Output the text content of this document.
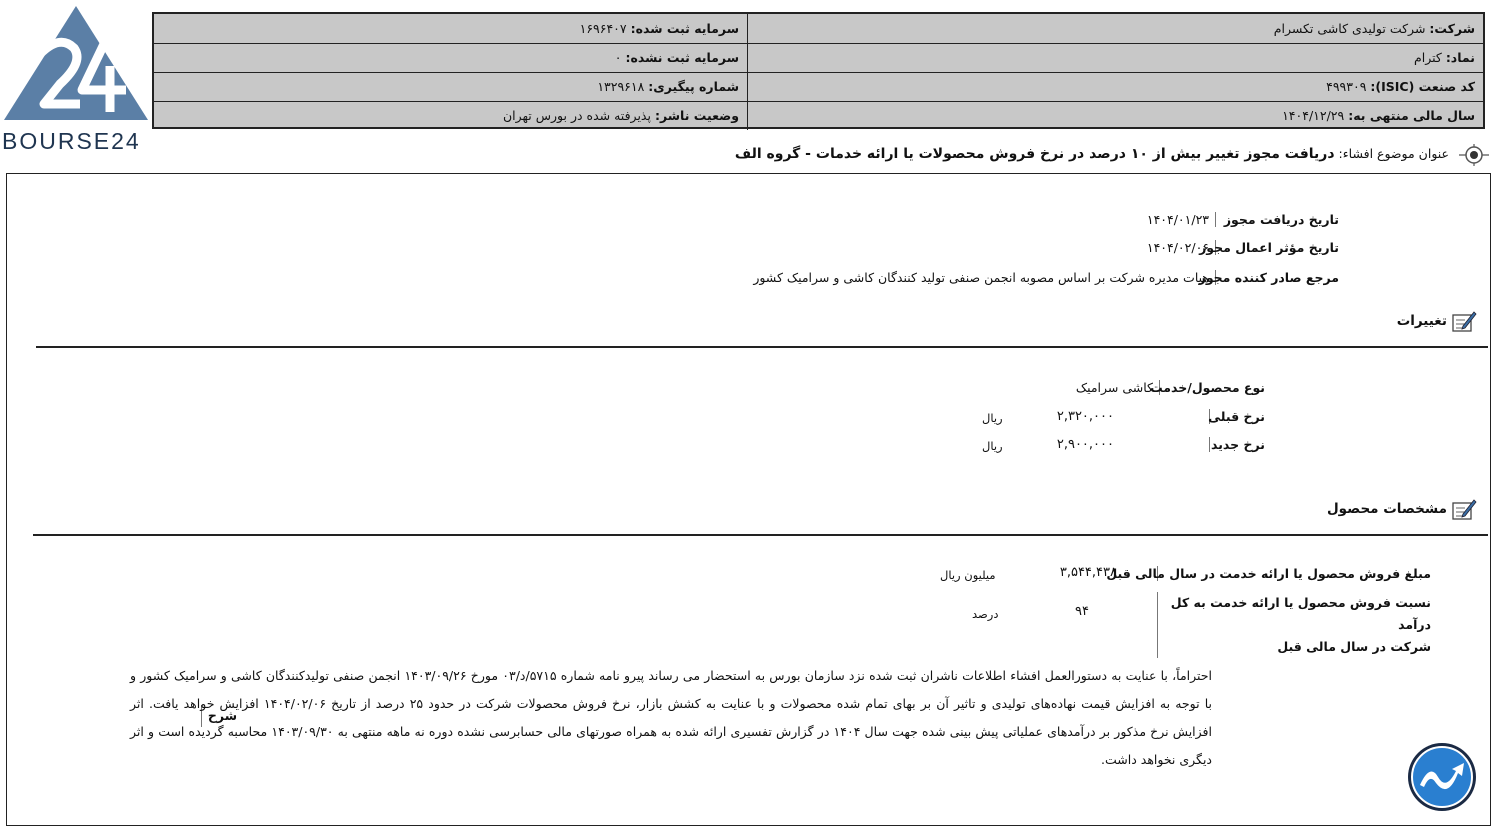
BOURSE24
شرکت: شرکت تولیدی کاشی تکسرام
سرمایه ثبت شده: ۱۶۹۶۴۰۷
نماد: کترام
سرمایه ثبت نشده: ۰
کد صنعت (ISIC): ۴۹۹۳۰۹
شماره پیگیری: ۱۳۲۹۶۱۸
سال مالی منتهی به: ۱۴۰۴/۱۲/۲۹
وضعیت ناشر: پذیرفته شده در بورس تهران
عنوان موضوع افشاء: دریافت مجوز تغییر بیش از ۱۰ درصد در نرخ فروش محصولات یا ارائه خدمات - گروه الف
تاریخ دریافت مجوز۱۴۰۴/۰۱/۲۳
تاریخ مؤثر اعمال مجوز۱۴۰۴/۰۲/۰۶
مرجع صادر کننده مجوزهیات مدیره شرکت بر اساس مصوبه انجمن صنفی تولید کنندگان کاشی و سرامیک کشور
تغییرات
نوع محصول/خدمتکاشی سرامیک
نرخ قبلی
۲,۳۲۰,۰۰۰
ریال
نرخ جدید
۲,۹۰۰,۰۰۰
ریال
مشخصات محصول
مبلغ فروش محصول یا ارائه خدمت در سال مالی قبل
۳,۵۴۴,۴۳۸
میلیون ریال
نسبت فروش محصول یا ارائه خدمت به کل درآمد
شرکت در سال مالی قبل
۹۴
درصد
شرح
احتراماً، با عنایت به دستورالعمل افشاء اطلاعات ناشران ثبت شده نزد سازمان بورس به استحضار می رساند پیرو نامه شماره ۵۷۱۵/د/۰۳ مورخ ۱۴۰۳/۰۹/۲۶ انجمن صنفی تولیدکنندگان کاشی و سرامیک کشور و با توجه به افزایش قیمت نهاده‌های تولیدی و تاثیر آن بر بهای تمام شده محصولات و با عنایت به کشش بازار، نرخ فروش محصولات شرکت در حدود ۲۵ درصد از تاریخ ۱۴۰۴/۰۲/۰۶ افزایش خواهد یافت. اثر افزایش نرخ مذکور بر درآمدهای عملیاتی پیش بینی شده جهت سال ۱۴۰۴ در گزارش تفسیری ارائه شده به همراه صورتهای مالی حسابرسی نشده دوره نه ماهه منتهی به ۱۴۰۳/۰۹/۳۰ محاسبه گردیده است و اثر دیگری نخواهد داشت.
